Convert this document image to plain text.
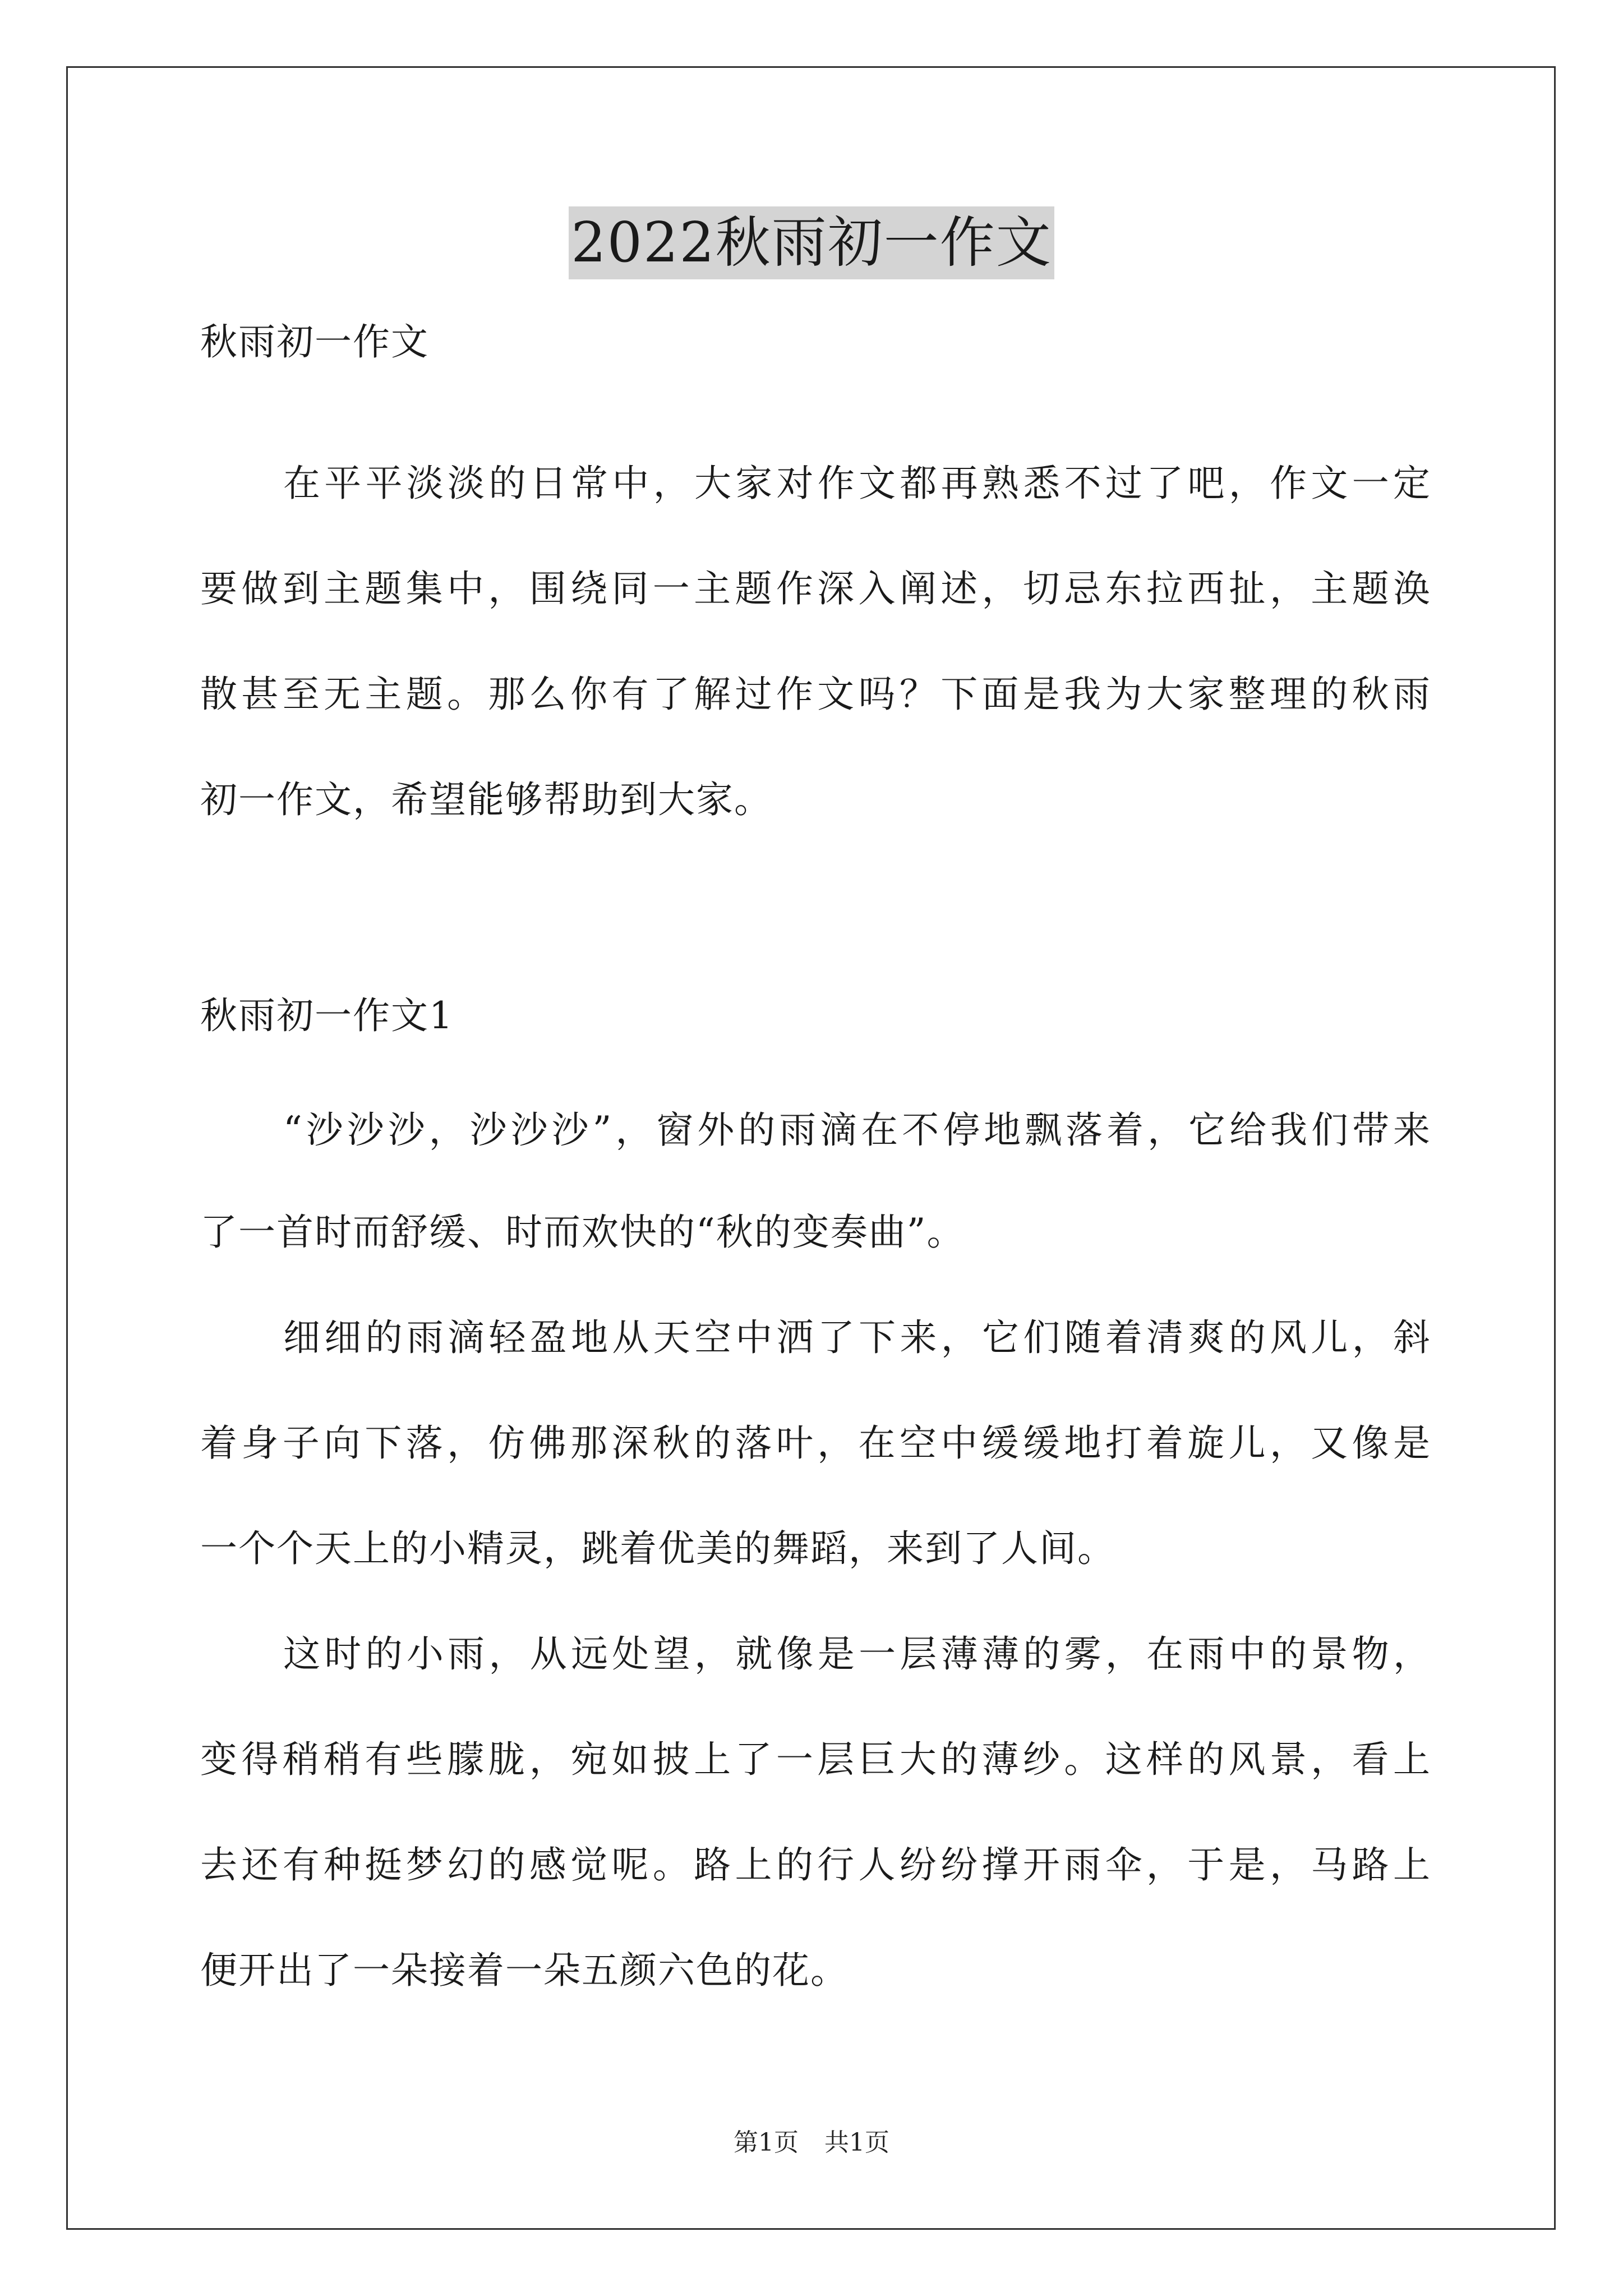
2022秋雨初一作文
秋雨初一作文
在平平淡淡的日常中，大家对作文都再熟悉不过了吧，作文一定
要做到主题集中，围绕同一主题作深入阐述，切忌东拉西扯，主题涣
散甚至无主题。那么你有了解过作文吗？下面是我为大家整理的秋雨
初一作文，希望能够帮助到大家。
秋雨初一作文1
“沙沙沙，沙沙沙”，窗外的雨滴在不停地飘落着，它给我们带来
了一首时而舒缓、时而欢快的“秋的变奏曲”。
细细的雨滴轻盈地从天空中洒了下来，它们随着清爽的风儿，斜
着身子向下落，仿佛那深秋的落叶，在空中缓缓地打着旋儿，又像是
一个个天上的小精灵，跳着优美的舞蹈，来到了人间。
这时的小雨，从远处望，就像是一层薄薄的雾，在雨中的景物，
变得稍稍有些朦胧，宛如披上了一层巨大的薄纱。这样的风景，看上
去还有种挺梦幻的感觉呢。路上的行人纷纷撑开雨伞，于是，马路上
便开出了一朵接着一朵五颜六色的花。
第1页 共1页
